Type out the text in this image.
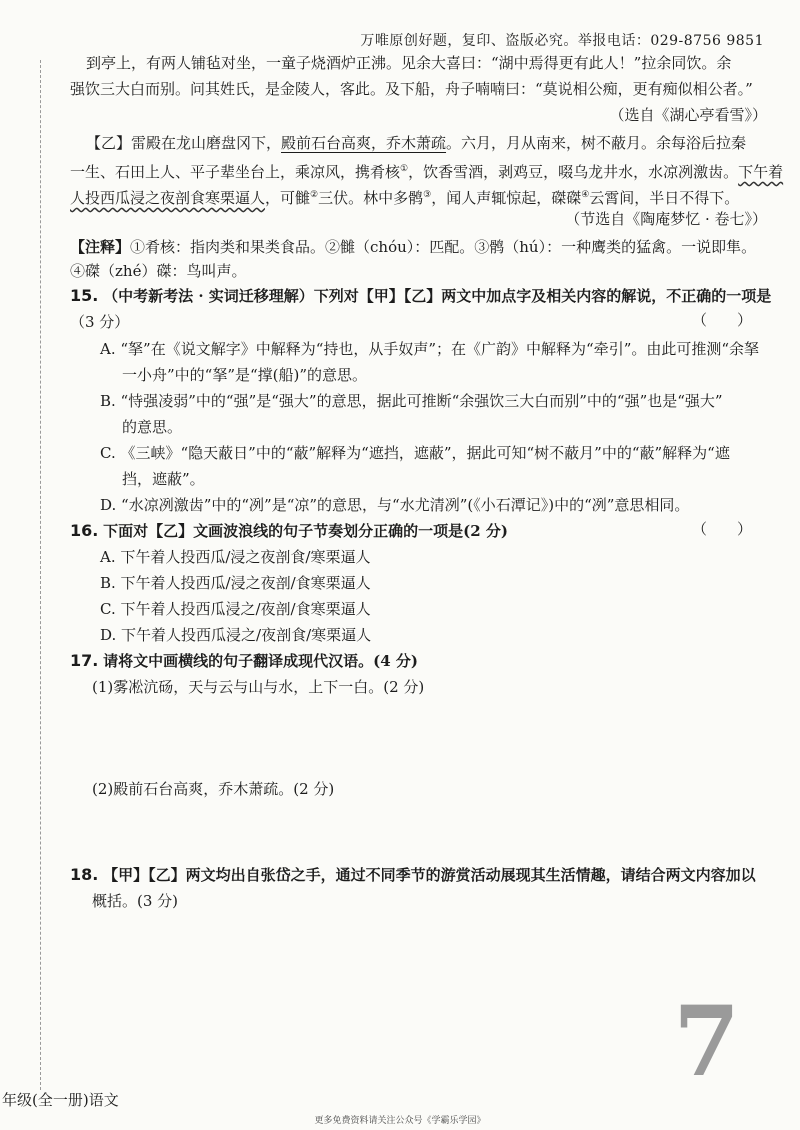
万唯原创好题，复印、盗版必究。举报电话：029-8756 9851
到亭上，有两人铺毡对坐，一童子烧酒炉正沸。见余大喜曰：“湖中焉得更有此人！”拉余同饮。余
强饮三大白而别。问其姓氏，是金陵人，客此。及下船，舟子喃喃曰：“莫说相公痴，更有痴似相公者。”
（选自《湖心亭看雪》）
【乙】雷殿在龙山磨盘冈下，殿前石台高爽，乔木萧疏。六月，月从南来，树不蔽月。余每浴后拉秦
一生、石田上人、平子辈坐台上，乘凉风，携肴核①，饮香雪酒，剥鸡豆，啜乌龙井水，水凉冽激齿。下午着
人投西瓜浸之夜剖食寒栗逼人，可雠②三伏。林中多鹘③，闻人声辄惊起，磔磔④云霄间，半日不得下。
（节选自《陶庵梦忆 · 卷七》）
【注释】①肴核：指肉类和果类食品。②雠（chóu）：匹配。③鹘（hú）：一种鹰类的猛禽。一说即隼。
④磔（zhé）磔：鸟叫声。
15. （中考新考法 · 实词迁移理解）下列对【甲】【乙】两文中加点字及相关内容的解说，不正确的一项是
（3 分）	（　　）
A. “拏”在《说文解字》中解释为“持也，从手奴声”；在《广韵》中解释为“牵引”。由此可推测“余拏
一小舟”中的“拏”是“撑(船)”的意思。
B. “恃强凌弱”中的“强”是“强大”的意思，据此可推断“余强饮三大白而别”中的“强”也是“强大”
的意思。
C. 《三峡》“隐天蔽日”中的“蔽”解释为“遮挡，遮蔽”，据此可知“树不蔽月”中的“蔽”解释为“遮
挡，遮蔽”。
D. “水凉冽激齿”中的“冽”是“凉”的意思，与“水尤清冽”(《小石潭记》)中的“冽”意思相同。
16. 下面对【乙】文画波浪线的句子节奏划分正确的一项是(2 分)	（　　）
A. 下午着人投西瓜/浸之夜剖食/寒栗逼人
B. 下午着人投西瓜/浸之夜剖/食寒栗逼人
C. 下午着人投西瓜浸之/夜剖/食寒栗逼人
D. 下午着人投西瓜浸之/夜剖食/寒栗逼人
17. 请将文中画横线的句子翻译成现代汉语。(4 分)
(1)雾凇沆砀，天与云与山与水，上下一白。(2 分)
(2)殿前石台高爽，乔木萧疏。(2 分)
18. 【甲】【乙】两文均出自张岱之手，通过不同季节的游赏活动展现其生活情趣，请结合两文内容加以
概括。(3 分)
7
年级(全一册)语文
更多免费资料请关注公众号《学霸乐学园》
